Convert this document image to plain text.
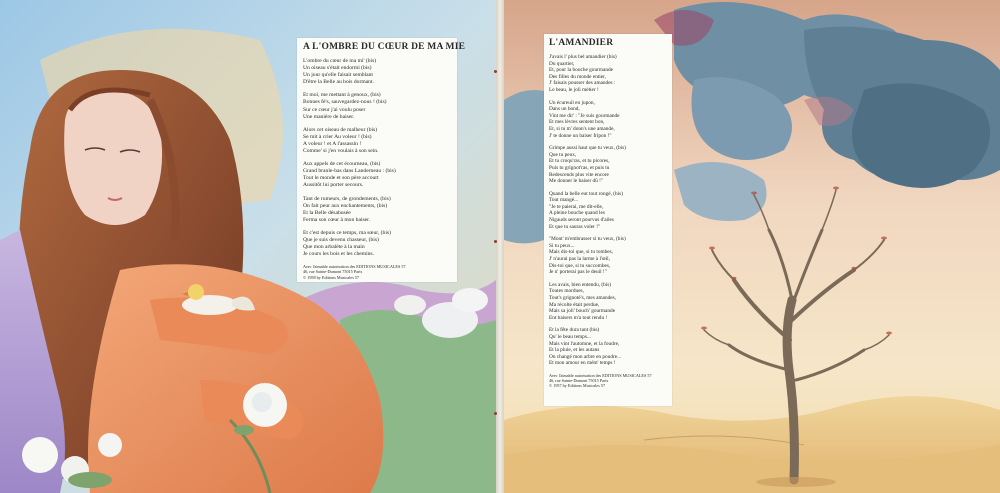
A L'OMBRE DU CŒUR DE MA MIE
L'ombre du cœur de ma mi' (bis)
Un oiseau s'était endormi (bis)
Un jour qu'elle faisait semblant
D'être la Belle au bois dormant.
Et moi, me mettant à genoux, (bis)
Bonnes fé's, sauvegardez-nous ! (bis)
Sur ce cœur j'ai voulu poser
Une manière de baiser.
Alors cet oiseau de malheur (bis)
Se mit à crier Au voleur ! (bis)
A voleur ! et A l'assassin !
Comme' si j'en voulais à son sein.
Aux appels de cet écourneau, (bis)
Grand branle-bas dans Landerneau : (bis)
Tout le monde et son père accourt
Aussitôt lui porter secours.
Tant de rumeurs, de grondements, (bis)
On fait peur aux enchantements, (bis)
Et la Belle désabusée
Ferma son cœur à mon baiser.
Et c'est depuis ce temps, ma sœur, (bis)
Que je suis devenu chasseur, (bis)
Que mon arbalète à la main
Je cours les bois et les chemins.
Avec l'aimable autorisation des EDITIONS MUSICALES 57
46, rue Sainte-Dumont 75015 Paris
© 1958 by Editions Musicales 57
L'AMANDIER
J'avais l' plus bel amandier (bis)
Du quartier,
Et, pour la bouche gourmande
Des filles du monde entier,
J' faisais pousser des amandes :
Le beau, le joli métier !
Un écureuil en jupon,
Dans un bond,
Vint me dir' : "Je suis gourmande
Et mes lèvres sentent bon,
Et, si tu m' donn's une amande,
J' te donne un baiser fripon !"
Grimpe aussi haut que tu veux, (bis)
Que tu peux,
Et tu croqu'ras, et tu picores,
Puis tu grignot'ras, et puis tu
Redescends plus vite encore
Me donner le baiser dû !"
Quand la belle eut tout rongé, (bis)
Tout mangé...
"Je te paierai, me dit-elle,
A pleine bouche quand les
Nigauds seront pourvus d'ailes
Et que tu sauras voler !"
"Mont' m'embrasser si tu veux, (bis)
Si tu peux...
Mais dis-toi que, si tu tombes,
J' n'aurai pas la larme à l'œil,
Dis-toi que, si tu succombes,
Je n' porterai pas le deuil !"
Les avais, bien entendu, (bis)
Toutes mordues,
Tout's grignoté's, mes amandes,
Ma récolte était perdue,
Mais sa joli' bouch' gourmande
Ent baisers m'a tout rendu !
Et la fête dura tant (bis)
Qu' le beau temps...
Mais vint l'automne, et la foudre,
Et la pluie, et les autans
On changé mon arbre en poudre...
Et mon amour en mém' temps !
Avec l'aimable autorisation des EDITIONS MUSICALES 57
46, rue Sainte-Dumont 75015 Paris
© 1957 by Editions Musicales 57
